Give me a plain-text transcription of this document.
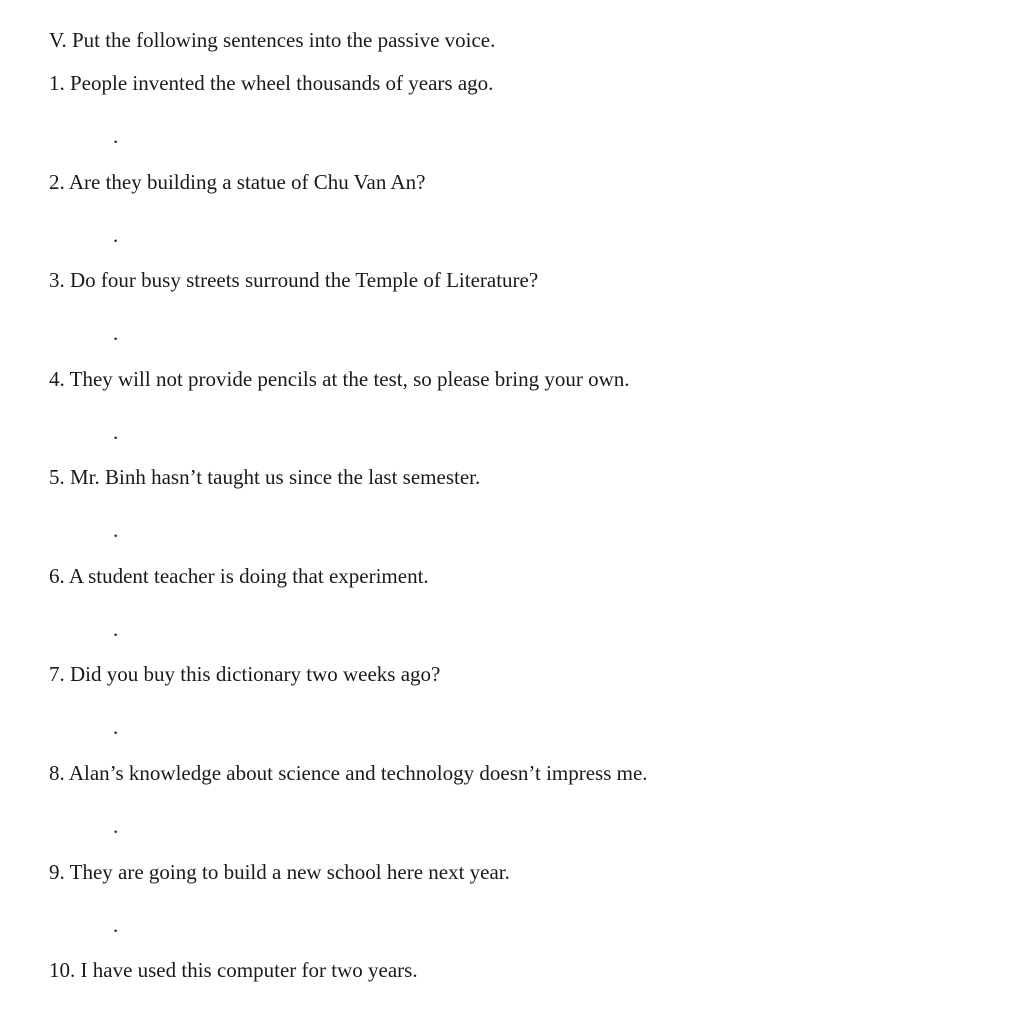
V. Put the following sentences into the passive voice.
1. People invented the wheel thousands of years ago.
.
2. Are they building a statue of Chu Van An?
.
3. Do four busy streets surround the Temple of Literature?
.
4. They will not provide pencils at the test, so please bring your own.
.
5. Mr. Binh hasn’t taught us since the last semester.
.
6. A student teacher is doing that experiment.
.
7. Did you buy this dictionary two weeks ago?
.
8. Alan’s knowledge about science and technology doesn’t impress me.
.
9. They are going to build a new school here next year.
.
10. I have used this computer for two years.
